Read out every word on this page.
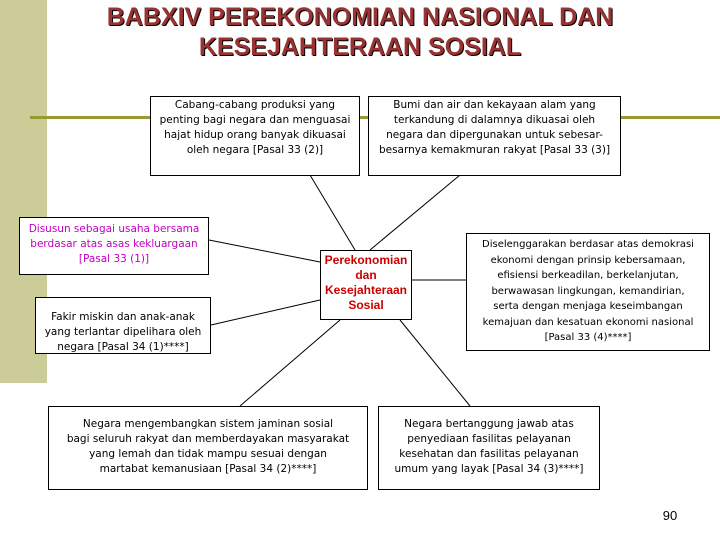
BABXIV PEREKONOMIAN NASIONAL DAN
KESEJAHTERAAN SOSIAL
Cabang-cabang produksi yang
penting bagi negara dan menguasai
hajat hidup orang banyak dikuasai
oleh negara [Pasal 33 (2)]
Bumi dan air dan kekayaan alam yang
terkandung di dalamnya dikuasai oleh
negara dan dipergunakan untuk sebesar-
besarnya kemakmuran rakyat [Pasal 33 (3)]
Disusun sebagai usaha bersama
berdasar atas asas kekluargaan
[Pasal 33 (1)]
Fakir miskin dan anak-anak
yang terlantar dipelihara oleh
negara [Pasal 34 (1)****]
Perekonomian
dan
Kesejahteraan
Sosial
Diselenggarakan berdasar atas demokrasi
ekonomi dengan prinsip kebersamaan,
efisiensi berkeadilan, berkelanjutan,
berwawasan lingkungan, kemandirian,
serta dengan menjaga keseimbangan
kemajuan dan kesatuan ekonomi nasional
[Pasal 33 (4)****]
Negara mengembangkan sistem jaminan sosial
bagi seluruh rakyat dan memberdayakan masyarakat
yang lemah dan tidak mampu sesuai dengan
martabat kemanusiaan [Pasal 34 (2)****]
Negara bertanggung jawab atas
penyediaan fasilitas pelayanan
kesehatan dan fasilitas pelayanan
umum yang layak [Pasal 34 (3)****]
90
